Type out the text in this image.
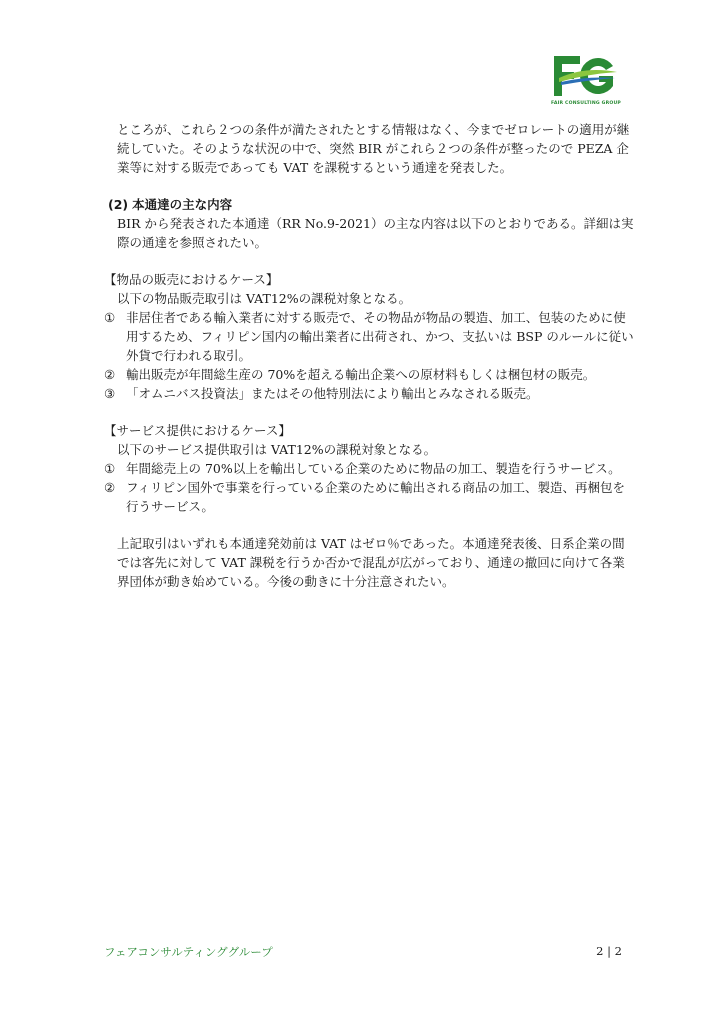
FAIR CONSULTING GROUP
ところが、これら２つの条件が満たされたとする情報はなく、今までゼロレートの適用が継続していた。そのような状況の中で、突然 BIR がこれら２つの条件が整ったので PEZA 企業等に対する販売であっても VAT を課税するという通達を発表した。
(2) 本通達の主な内容
BIR から発表された本通達（RR No.9-2021）の主な内容は以下のとおりである。詳細は実際の通達を参照されたい。
【物品の販売におけるケース】
以下の物品販売取引は VAT12%の課税対象となる。
① 非居住者である輸入業者に対する販売で、その物品が物品の製造、加工、包装のために使用するため、フィリピン国内の輸出業者に出荷され、かつ、支払いは BSP のルールに従い外貨で行われる取引。
② 輸出販売が年間総生産の 70%を超える輸出企業への原材料もしくは梱包材の販売。
③ 「オムニバス投資法」またはその他特別法により輸出とみなされる販売。
【サービス提供におけるケース】
以下のサービス提供取引は VAT12%の課税対象となる。
① 年間総売上の 70%以上を輸出している企業のために物品の加工、製造を行うサービス。
② フィリピン国外で事業を行っている企業のために輸出される商品の加工、製造、再梱包を行うサービス。
上記取引はいずれも本通達発効前は VAT はゼロ％であった。本通達発表後、日系企業の間では客先に対して VAT 課税を行うか否かで混乱が広がっており、通達の撤回に向けて各業界団体が動き始めている。今後の動きに十分注意されたい。
フェアコンサルティンググループ	2 | 2
